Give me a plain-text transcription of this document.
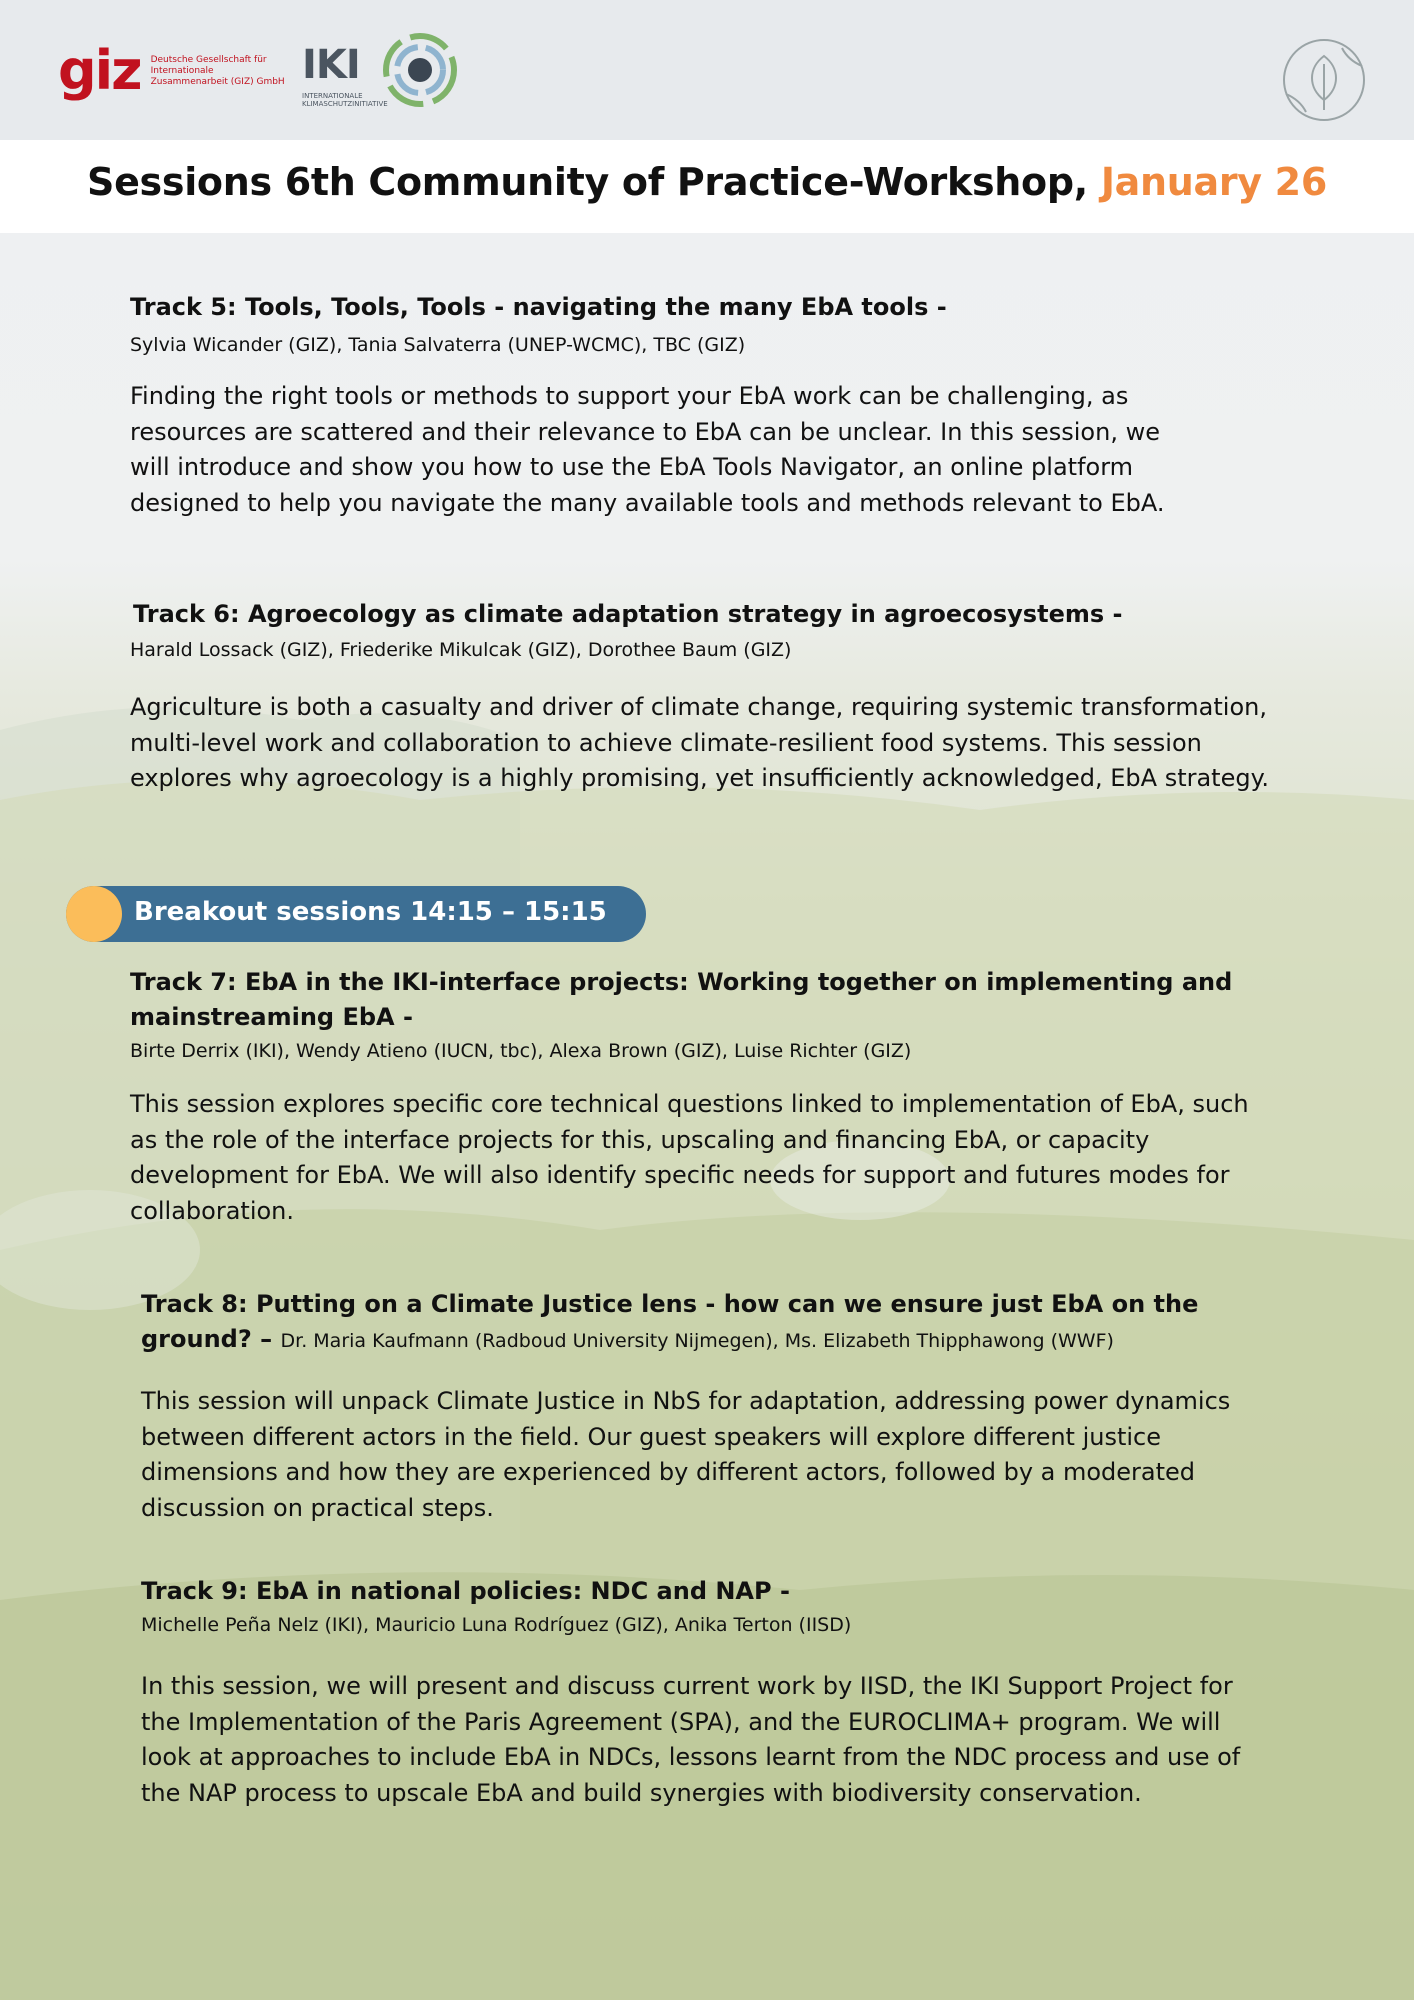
giz Deutsche Gesellschaft für Internationale Zusammenarbeit (GIZ) GmbH IKI
INTERNATIONALE KLIMASCHUTZINITIATIVE
Sessions 6th Community of Practice-Workshop, January 26

Track 5: Tools, Tools, Tools - navigating the many EbA tools -

Sylvia Wicander (GIZ), Tania Salvaterra (UNEP-WCMC), TBC (GIZ)

Finding the right tools or methods to support your EbA work can be challenging, as resources are scattered and their relevance to EbA can be unclear. In this session, we will introduce and show you how to use the EbA Tools Navigator, an online platform designed to help you navigate the many available tools and methods relevant to EbA.

Track 6: Agroecology as climate adaptation strategy in agroecosystems -

Harald Lossack (GIZ), Friederike Mikulcak (GIZ), Dorothee Baum (GIZ)

Agriculture is both a casualty and driver of climate change, requiring systemic transformation, multi-level work and collaboration to achieve climate-resilient food systems. This session explores why agroecology is a highly promising, yet insufficiently acknowledged, EbA strategy.

Track 7: EbA in the IKI-interface projects: Working together on implementing and mainstreaming EbA -

Birte Derrix (IKI), Wendy Atieno (IUCN, tbc), Alexa Brown (GIZ), Luise Richter (GIZ)

This session explores specific core technical questions linked to implementation of EbA, such as the role of the interface projects for this, upscaling and financing EbA, or capacity development for EbA. We will also identify specific needs for support and futures modes for collaboration.

Track 8: Putting on a Climate Justice lens - how can we ensure just EbA on the ground? – Dr. Maria Kaufmann (Radboud University Nijmegen), Ms. Elizabeth Thipphawong (WWF)

This session will unpack Climate Justice in NbS for adaptation, addressing power dynamics between different actors in the field. Our guest speakers will explore different justice dimensions and how they are experienced by different actors, followed by a moderated discussion on practical steps.

Track 9: EbA in national policies: NDC and NAP -

Michelle Peña Nelz (IKI), Mauricio Luna Rodríguez (GIZ), Anika Terton (IISD)

In this session, we will present and discuss current work by IISD, the IKI Support Project for the Implementation of the Paris Agreement (SPA), and the EUROCLIMA+ program. We will look at approaches to include EbA in NDCs, lessons learnt from the NDC process and use of the NAP process to upscale EbA and build synergies with biodiversity conservation.

Breakout sessions 14:15 – 15:15
